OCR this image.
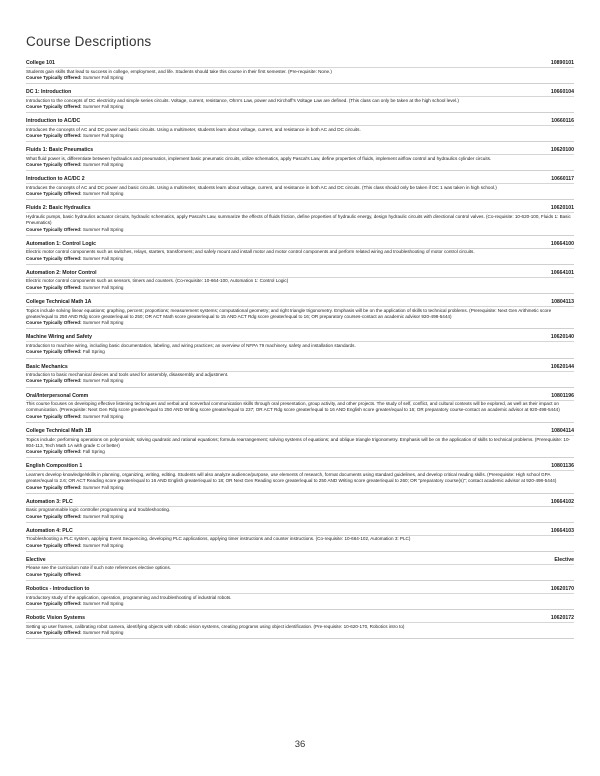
Course Descriptions
College 101	10890101
Students gain skills that lead to success in college, employment, and life. Students should take this course in their first semester. (Pre-requisite: None.)
Course Typically Offered: Summer Fall Spring
DC 1: Introduction	10660104
Introduction to the concepts of DC electricity and simple series circuits. Voltage, current, resistance, Ohm's Law, power and Kirchoff's Voltage Law are defined. (This class can only be taken at the high school level.)
Course Typically Offered: Summer Fall Spring
Introduction to AC/DC	10660116
Introduces the concepts of AC and DC power and basic circuits. Using a multimeter, students learn about voltage, current, and resistance in both AC and DC circuits.
Course Typically Offered: Summer Fall Spring
Fluids 1: Basic Pneumatics	10620100
What fluid power is, differentiate between hydraulics and pneumatics, implement basic pneumatic circuits, utilize schematics, apply Pascal's Law, define properties of fluids, implement airflow control and hydraulics cylinder circuits.
Course Typically Offered: Summer Fall Spring
Introduction to AC/DC 2	10660117
Introduces the concepts of AC and DC power and basic circuits. Using a multimeter, students learn about voltage, current, and resistance in both AC and DC circuits. (This class should only be taken if DC 1 was taken in high school.)
Course Typically Offered: Summer Fall Spring
Fluids 2: Basic Hydraulics	10620101
Hydraulic pumps, basic hydraulics actuator circuits, hydraulic schematics, apply Pascal's Law, summarize the effects of fluids friction, define properties of hydraulic energy, design hydraulic circuits with directional control valves. (Co-requisite: 10-620-100, Fluids 1: Basic Pneumatics)
Course Typically Offered: Summer Fall Spring
Automation 1: Control Logic	10664100
Electric motor control components such as switches, relays, starters, transformers; and safely mount and install motor and motor control components and perform related wiring and troubleshooting of motor control circuits.
Course Typically Offered: Summer Fall Spring
Automation 2: Motor Control	10664101
Electric motor control components such as sensors, timers and counters. (Co-requisite: 10-664-100, Automation 1: Control Logic)
Course Typically Offered: Summer Fall Spring
College Technical Math 1A	10804113
Topics include solving linear equations; graphing, percent; proportions; measurement systems; computational geometry; and right triangle trigonometry. Emphasis will be on the application of skills to technical problems. (Prerequisite: Next Gen Arithmetic score greater/equal to 250 AND Rdg score greater/equal to 250; OR ACT Math score greater/equal to 15 AND ACT Rdg score greater/equal to 16; OR preparatory courses-contact an academic advisor 920-498-5444)
Course Typically Offered: Summer Fall Spring
Machine Wiring and Safety	10620140
Introduction to machine wiring, including basic documentation, labeling, and wiring practices; an overview of NFPA 79 machinery, safety and installation standards.
Course Typically Offered: Fall Spring
Basic Mechanics	10620144
Introduction to basic mechanical devices and tools used for assembly, disassembly and adjustment.
Course Typically Offered: Summer Fall Spring
Oral/Interpersonal Comm	10801196
This course focuses on developing effective listening techniques and verbal and nonverbal communication skills through oral presentation, group activity, and other projects. The study of self, conflict, and cultural contexts will be explored, as well as their impact on communication. (Prerequisite: Next Gen Rdg score greater/equal to 250 AND Writing score greater/equal to 237; OR ACT Rdg score greater/equal to 16 AND English score greater/equal to 16; OR preparatory course-contact an academic advisor at 920-498-5444)
Course Typically Offered: Summer Fall Spring
College Technical Math 1B	10804114
Topics include: performing operations on polynomials; solving quadratic and rational equations; formula rearrangement; solving systems of equations; and oblique triangle trigonometry. Emphasis will be on the application of skills to technical problems. (Prerequisite: 10-804-113, Tech Math 1A with grade C or better)
Course Typically Offered: Fall Spring
English Composition 1	10801136
Learners develop knowledge/skills in planning, organizing, writing, editing. Students will also analyze audience/purpose, use elements of research, format documents using standard guidelines, and develop critical reading skills. (Prerequisite: High school GPA greater/equal to 2.6; OR ACT Reading score greater/equal to 16 AND English greater/equal to 18; OR Next Gen Reading score greater/equal to 250 AND Writing score greater/equal to 260; OR "preparatory course(s)"; contact academic advisor at 920-498-5444)
Course Typically Offered: Summer Fall Spring
Automation 3: PLC	10664102
Basic programmable logic controller programming and troubleshooting.
Course Typically Offered: Summer Fall Spring
Automation 4: PLC	10664103
Troubleshooting a PLC system, applying Event Sequencing, developing PLC applications, applying timer instructions and counter instructions. (Co-requisite: 10-664-102, Automation 3: PLC)
Course Typically Offered: Summer Fall Spring
Elective	Elective
Please see the curriculum note if such note references elective options.
Course Typically Offered:
Robotics - Introduction to	10620170
Introductory study of the application, operation, programming and troubleshooting of industrial robots.
Course Typically Offered: Summer Fall Spring
Robotic Vision Systems	10620172
Setting up user frames, calibrating robot camera, identifying objects with robotic vision systems, creating programs using object identification. (Pre-requisite: 10-620-170, Robotics intro to)
Course Typically Offered: Summer Fall Spring
36
